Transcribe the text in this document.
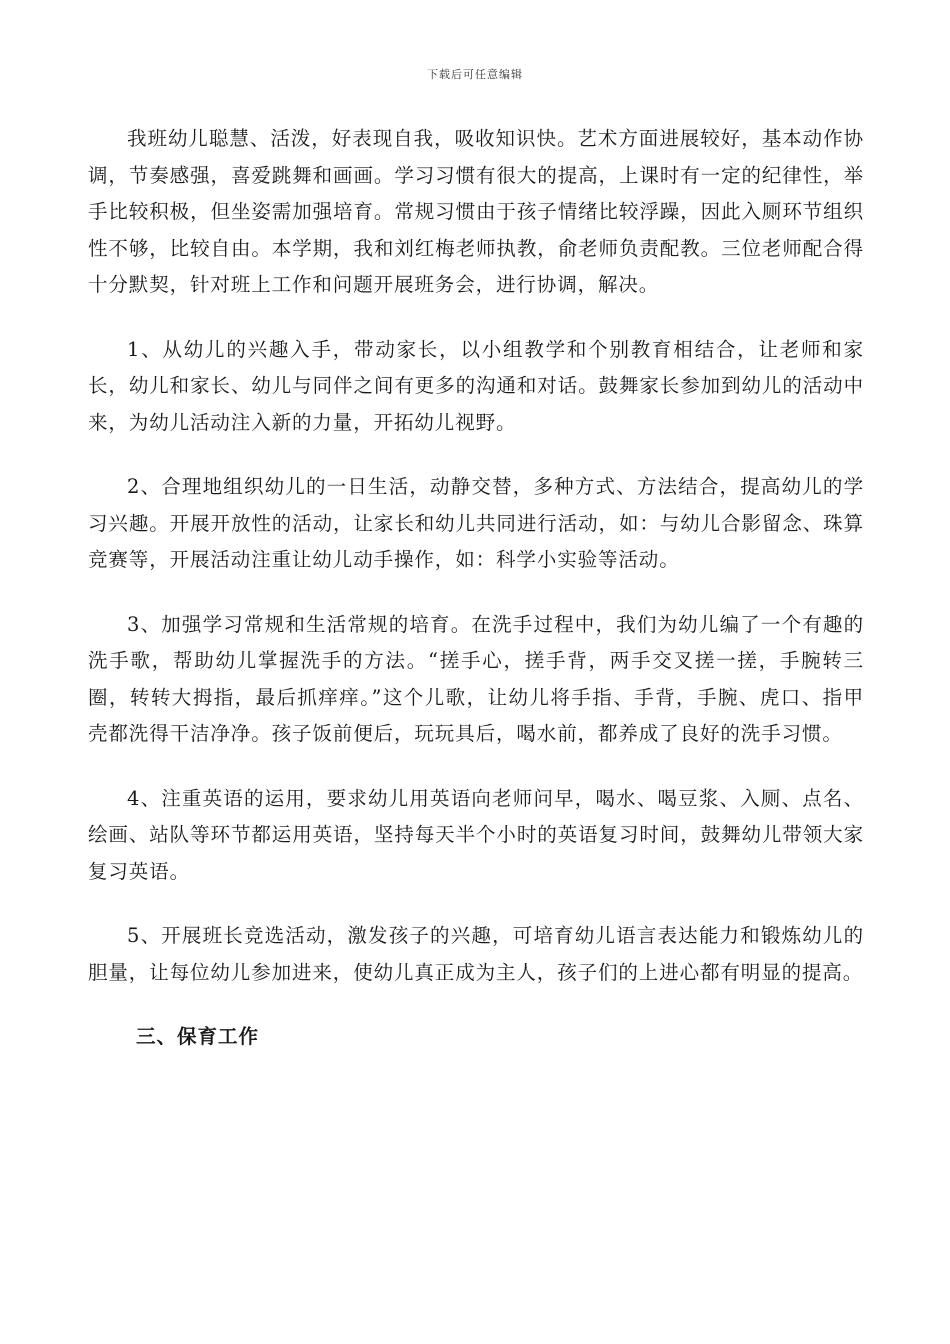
下载后可任意编辑

我班幼儿聪慧、活泼，好表现自我，吸收知识快。艺术方面进展较好，基本动作协调，节奏感强，喜爱跳舞和画画。学习习惯有很大的提高，上课时有一定的纪律性，举手比较积极，但坐姿需加强培育。常规习惯由于孩子情绪比较浮躁，因此入厕环节组织性不够，比较自由。本学期，我和刘红梅老师执教，俞老师负责配教。三位老师配合得十分默契，针对班上工作和问题开展班务会，进行协调，解决。

1、从幼儿的兴趣入手，带动家长，以小组教学和个别教育相结合，让老师和家长，幼儿和家长、幼儿与同伴之间有更多的沟通和对话。鼓舞家长参加到幼儿的活动中来，为幼儿活动注入新的力量，开拓幼儿视野。

2、合理地组织幼儿的一日生活，动静交替，多种方式、方法结合，提高幼儿的学习兴趣。开展开放性的活动，让家长和幼儿共同进行活动，如：与幼儿合影留念、珠算竞赛等，开展活动注重让幼儿动手操作，如：科学小实验等活动。

3、加强学习常规和生活常规的培育。在洗手过程中，我们为幼儿编了一个有趣的洗手歌，帮助幼儿掌握洗手的方法。“搓手心，搓手背，两手交叉搓一搓，手腕转三圈，转转大拇指，最后抓痒痒。”这个儿歌，让幼儿将手指、手背，手腕、虎口、指甲壳都洗得干洁净净。孩子饭前便后，玩玩具后，喝水前，都养成了良好的洗手习惯。

4、注重英语的运用，要求幼儿用英语向老师问早，喝水、喝豆浆、入厕、点名、绘画、站队等环节都运用英语，坚持每天半个小时的英语复习时间，鼓舞幼儿带领大家复习英语。

5、开展班长竞选活动，激发孩子的兴趣，可培育幼儿语言表达能力和锻炼幼儿的胆量，让每位幼儿参加进来，使幼儿真正成为主人，孩子们的上进心都有明显的提高。

三、保育工作
